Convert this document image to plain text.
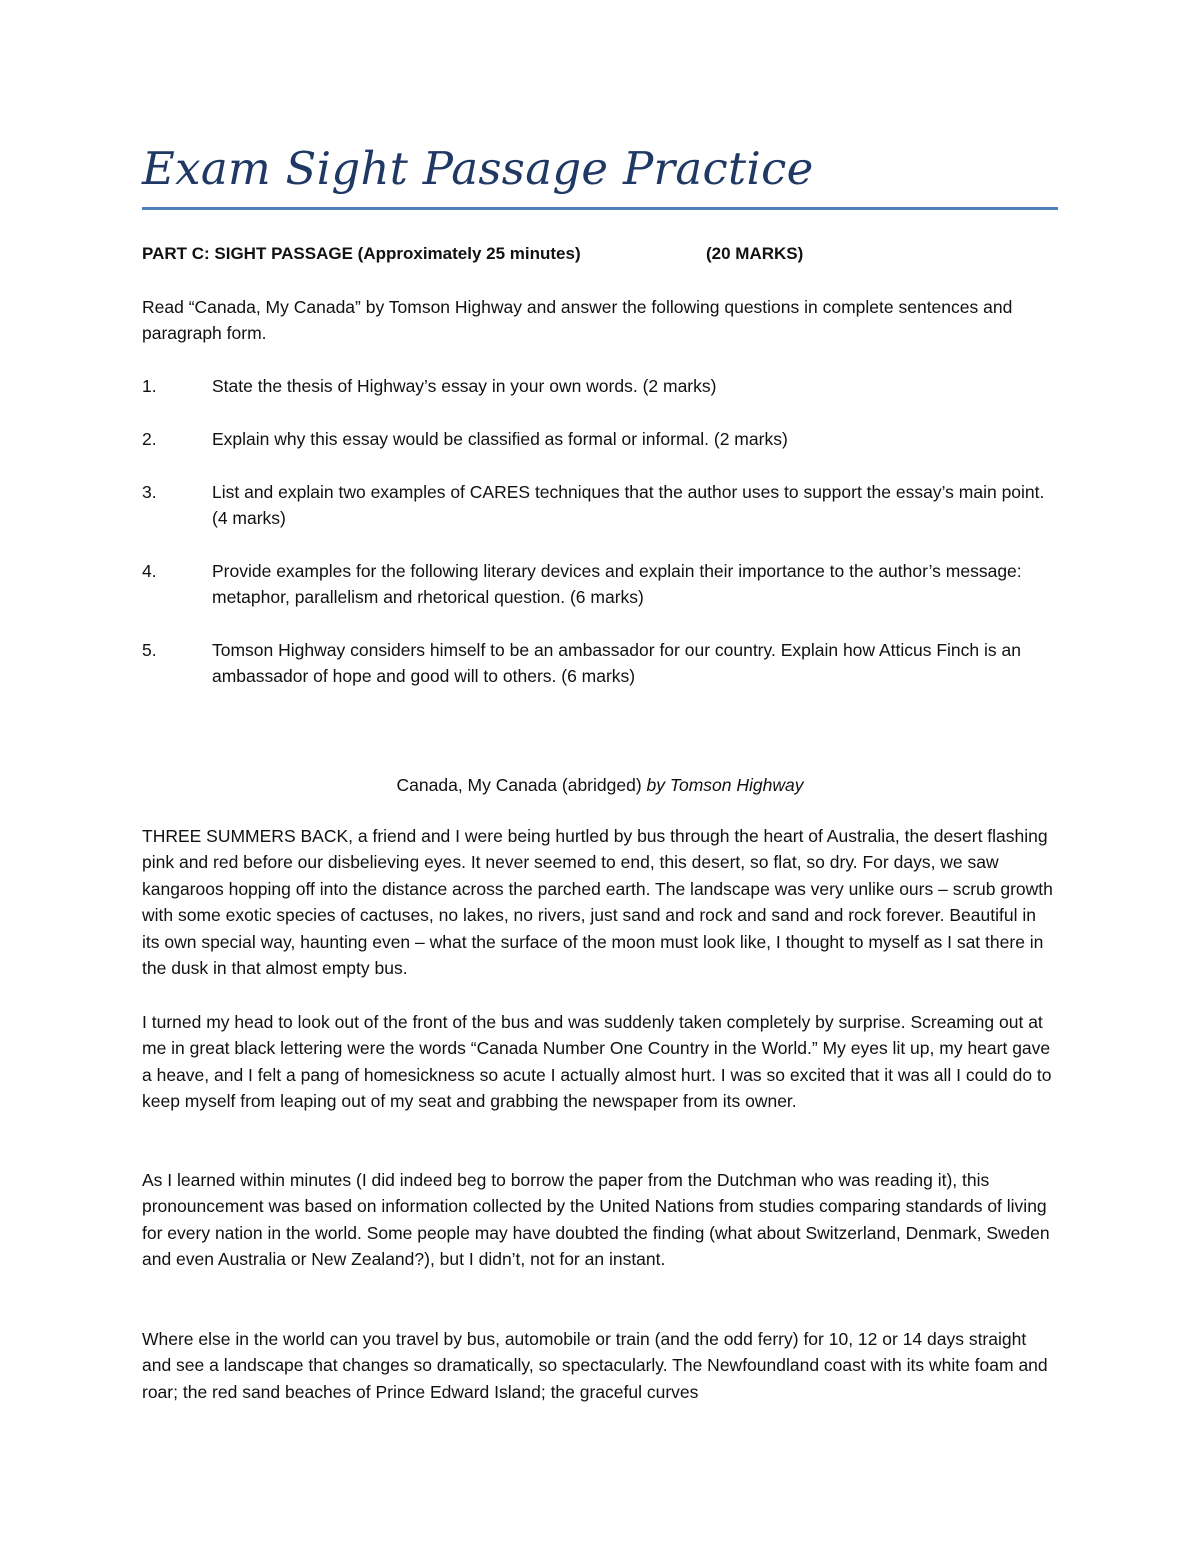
Exam Sight Passage Practice
PART C: SIGHT PASSAGE (Approximately 25 minutes)	(20 MARKS)

Read “Canada, My Canada” by Tomson Highway and answer the following questions in complete sentences and paragraph form.

1.	State the thesis of Highway’s essay in your own words. (2 marks)
2.	Explain why this essay would be classified as formal or informal. (2 marks)
3.	List and explain two examples of CARES techniques that the author uses to support the essay’s main point. (4 marks)
4.	Provide examples for the following literary devices and explain their importance to the author’s message: metaphor, parallelism and rhetorical question. (6 marks)
5.	Tomson Highway considers himself to be an ambassador for our country. Explain how Atticus Finch is an ambassador of hope and good will to others. (6 marks)
Canada, My Canada (abridged) by Tomson Highway

THREE SUMMERS BACK, a friend and I were being hurtled by bus through the heart of Australia, the desert flashing pink and red before our disbelieving eyes. It never seemed to end, this desert, so flat, so dry. For days, we saw kangaroos hopping off into the distance across the parched earth. The landscape was very unlike ours – scrub growth with some exotic species of cactuses, no lakes, no rivers, just sand and rock and sand and rock forever. Beautiful in its own special way, haunting even – what the surface of the moon must look like, I thought to myself as I sat there in the dusk in that almost empty bus.

I turned my head to look out of the front of the bus and was suddenly taken completely by surprise. Screaming out at me in great black lettering were the words “Canada Number One Country in the World.” My eyes lit up, my heart gave a heave, and I felt a pang of homesickness so acute I actually almost hurt. I was so excited that it was all I could do to keep myself from leaping out of my seat and grabbing the newspaper from its owner.

As I learned within minutes (I did indeed beg to borrow the paper from the Dutchman who was reading it), this pronouncement was based on information collected by the United Nations from studies comparing standards of living for every nation in the world. Some people may have doubted the finding (what about Switzerland, Denmark, Sweden and even Australia or New Zealand?), but I didn’t, not for an instant.

Where else in the world can you travel by bus, automobile or train (and the odd ferry) for 10, 12 or 14 days straight and see a landscape that changes so dramatically, so spectacularly. The Newfoundland coast with its white foam and roar; the red sand beaches of Prince Edward Island; the graceful curves
